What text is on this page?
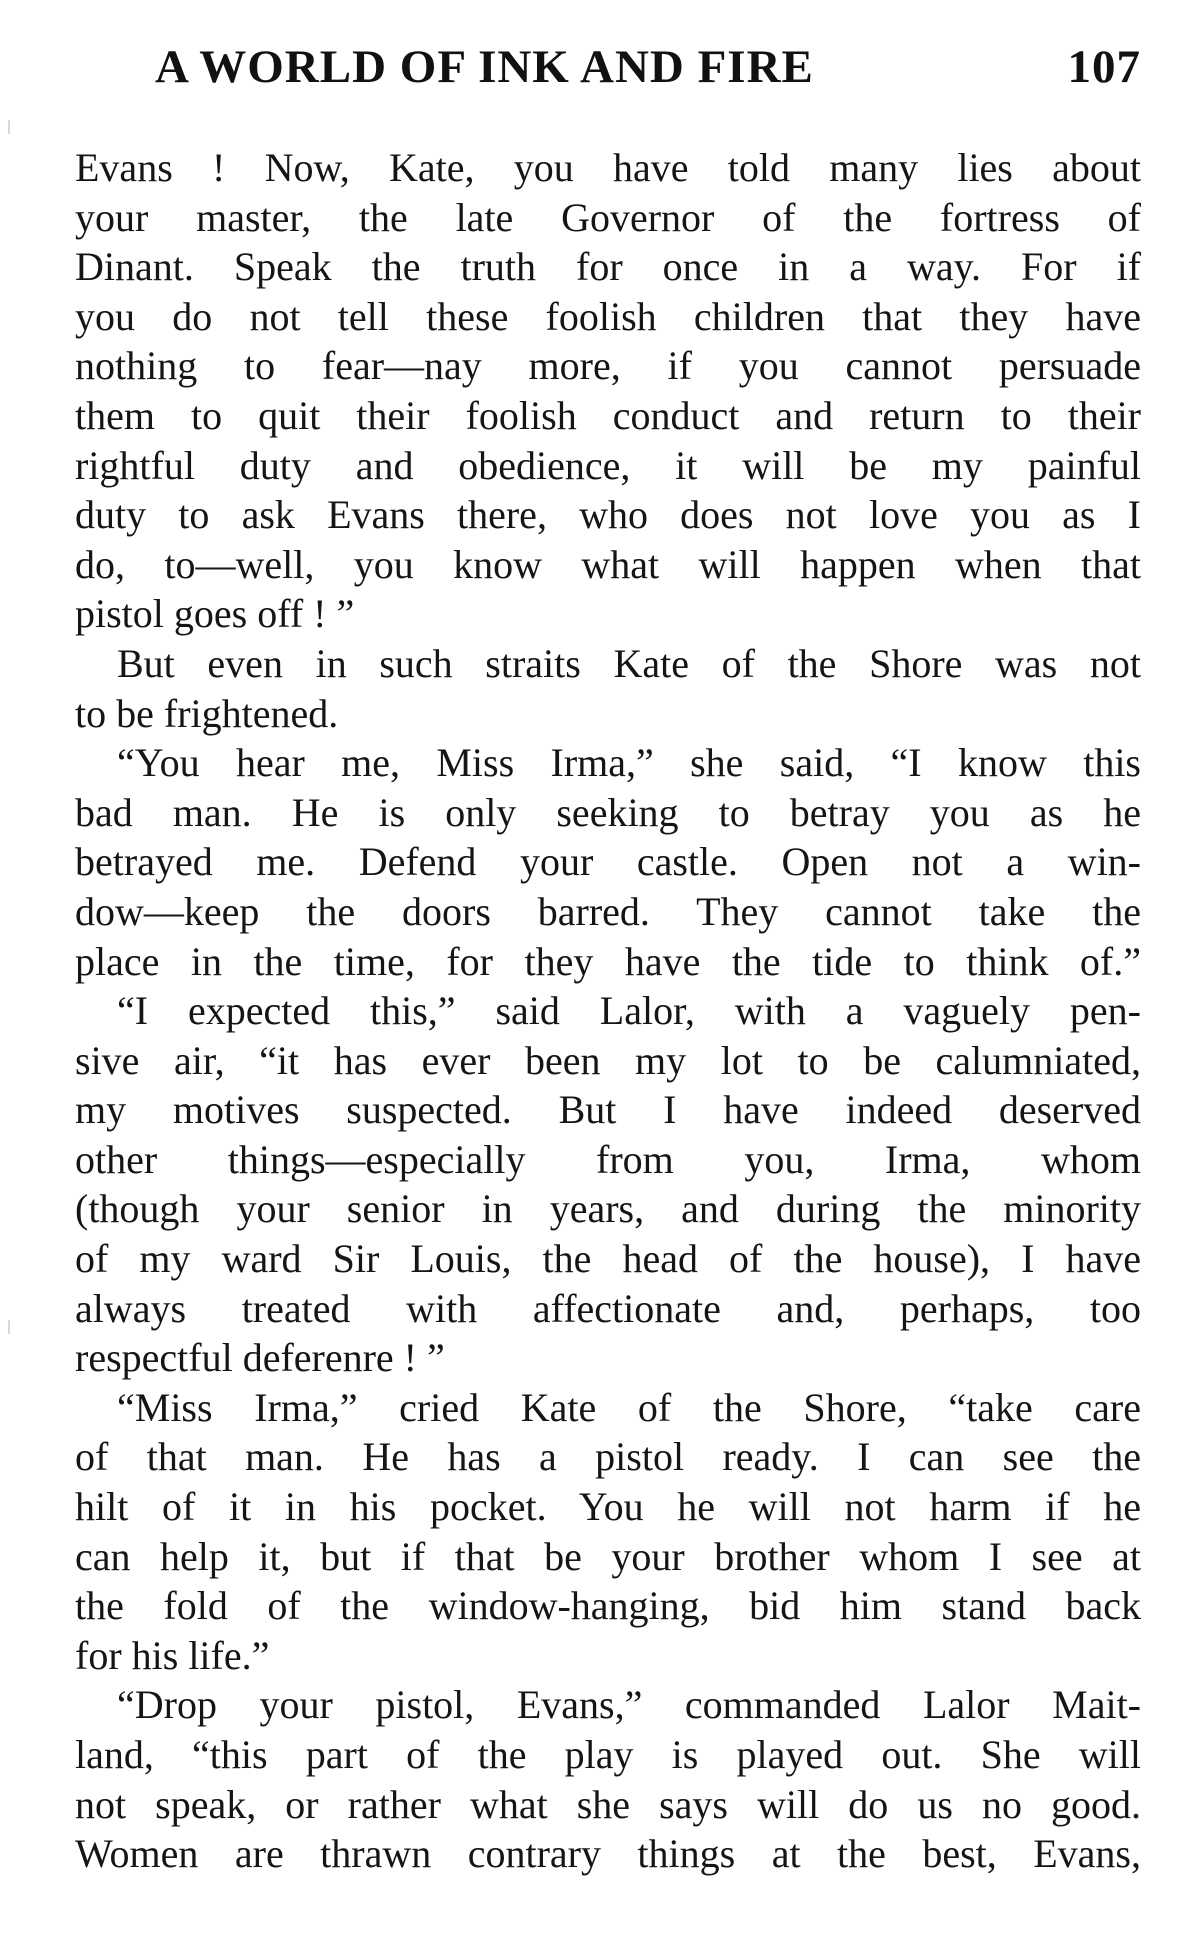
A WORLD OF INK AND FIRE	107
Evans ! Now, Kate, you have told many lies about
your master, the late Governor of the fortress of
Dinant. Speak the truth for once in a way. For if
you do not tell these foolish children that they have
nothing to fear—nay more, if you cannot persuade
them to quit their foolish conduct and return to their
rightful duty and obedience, it will be my painful
duty to ask Evans there, who does not love you as I
do, to—well, you know what will happen when that
pistol goes off ! ”
But even in such straits Kate of the Shore was not
to be frightened.
“You hear me, Miss Irma,” she said, “I know this
bad man. He is only seeking to betray you as he
betrayed me. Defend your castle. Open not a win-
dow—keep the doors barred. They cannot take the
place in the time, for they have the tide to think of.”
“I expected this,” said Lalor, with a vaguely pen-
sive air, “it has ever been my lot to be calumniated,
my motives suspected. But I have indeed deserved
other things—especially from you, Irma, whom
(though your senior in years, and during the minority
of my ward Sir Louis, the head of the house), I have
always treated with affectionate and, perhaps, too
respectful deferenre ! ”
“Miss Irma,” cried Kate of the Shore, “take care
of that man. He has a pistol ready. I can see the
hilt of it in his pocket. You he will not harm if he
can help it, but if that be your brother whom I see at
the fold of the window-hanging, bid him stand back
for his life.”
“Drop your pistol, Evans,” commanded Lalor Mait-
land, “this part of the play is played out. She will
not speak, or rather what she says will do us no good.
Women are thrawn contrary things at the best, Evans,
